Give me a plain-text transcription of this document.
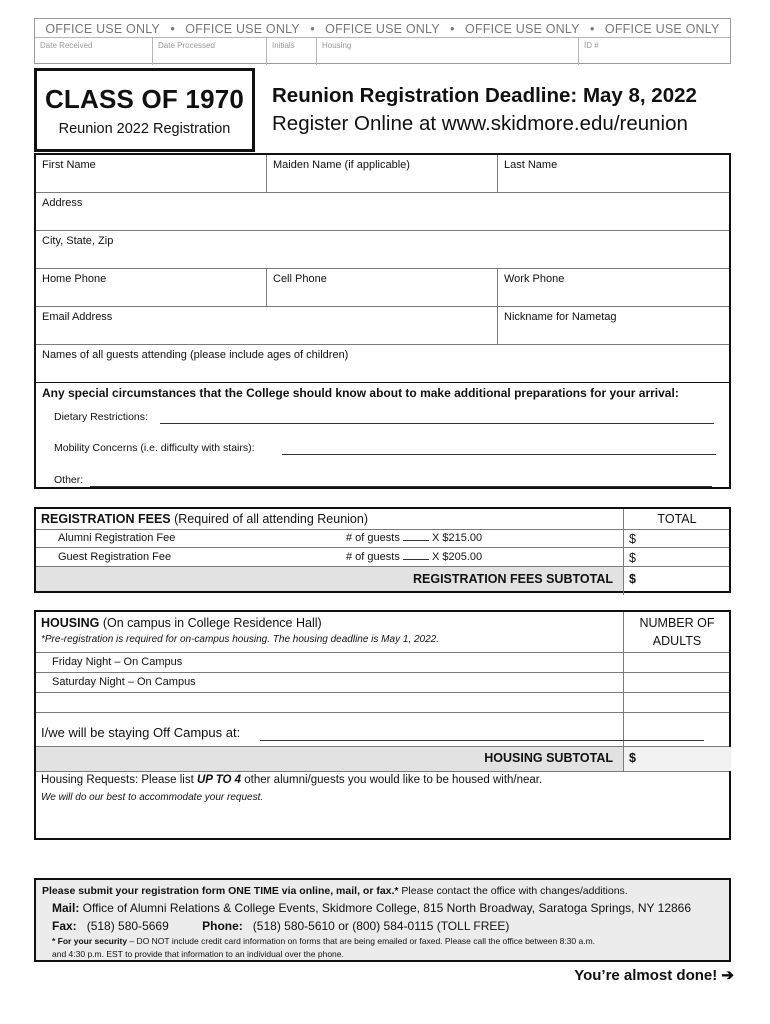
OFFICE USE ONLY • OFFICE USE ONLY • OFFICE USE ONLY • OFFICE USE ONLY • OFFICE USE ONLY
Date Received	Date Processed	Initials	Housing	ID #
CLASS OF 1970
Reunion 2022 Registration
Reunion Registration Deadline: May 8, 2022
Register Online at www.skidmore.edu/reunion
First Name	Maiden Name (if applicable)	Last Name
Address
City, State, Zip
Home Phone	Cell Phone	Work Phone
Email Address	Nickname for Nametag
Names of all guests attending (please include ages of children)
Any special circumstances that the College should know about to make additional preparations for your arrival:
Dietary Restrictions:
Mobility Concerns (i.e. difficulty with stairs):
Other:
REGISTRATION FEES (Required of all attending Reunion)	TOTAL
Alumni Registration Fee	# of guests	X $215.00	$
Guest Registration Fee	# of guests	X $205.00	$
REGISTRATION FEES SUBTOTAL $
HOUSING (On campus in College Residence Hall)
*Pre-registration is required for on-campus housing. The housing deadline is May 1, 2022.
NUMBER OF
ADULTS
Friday Night – On Campus
Saturday Night – On Campus
I/we will be staying Off Campus at:
HOUSING SUBTOTAL $
Housing Requests: Please list UP TO 4 other alumni/guests you would like to be housed with/near.
We will do our best to accommodate your request.
Please submit your registration form ONE TIME via online, mail, or fax.* Please contact the office with changes/additions.
Mail: Office of Alumni Relations & College Events, Skidmore College, 815 North Broadway, Saratoga Springs, NY 12866
Fax: (518) 580-5669	Phone: (518) 580-5610 or (800) 584-0115 (TOLL FREE)
* For your security – DO NOT include credit card information on forms that are being emailed or faxed. Please call the office between 8:30 a.m.
and 4:30 p.m. EST to provide that information to an individual over the phone.
You’re almost done! ➔
